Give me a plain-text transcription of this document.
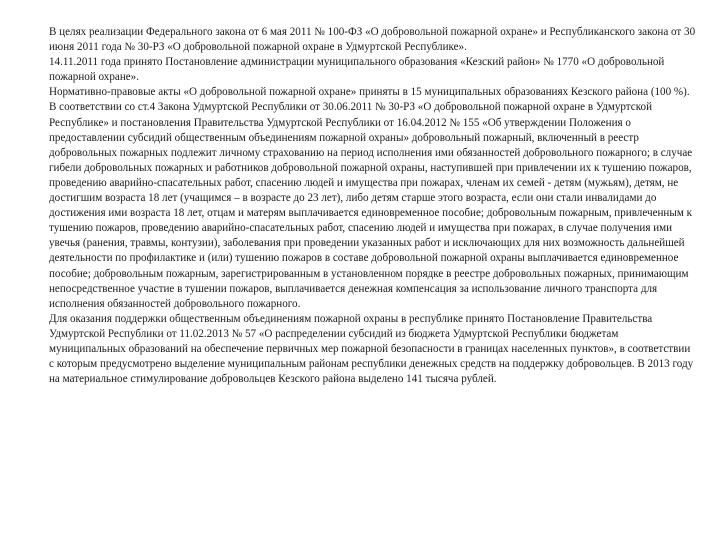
В целях реализации Федерального закона от 6 мая 2011 № 100-ФЗ «О добровольной пожарной охране» и Республиканского закона от 30 июня 2011 года № 30-РЗ «О добровольной пожарной охране в Удмуртской Республике».

14.11.2011 года принято Постановление администрации муниципального образования «Кезский район» № 1770 «О добровольной пожарной охране».

Нормативно-правовые акты «О добровольной пожарной охране» приняты в 15 муниципальных образованиях Кезского района (100 %).

В соответствии со ст.4 Закона Удмуртской Республики от 30.06.2011 № 30-РЗ «О добровольной пожарной охране в Удмуртской Республике» и постановления Правительства Удмуртской Республики от 16.04.2012 № 155 «Об утверждении Положения о предоставлении субсидий общественным объединениям пожарной охраны» добровольный пожарный, включенный в реестр добровольных пожарных подлежит личному страхованию на период исполнения ими обязанностей добровольного пожарного; в случае гибели добровольных пожарных и работников добровольной пожарной охраны, наступившей при привлечении их к тушению пожаров, проведению аварийно-спасательных работ, спасению людей и имущества при пожарах, членам их семей - детям (мужьям), детям, не достигшим возраста 18 лет (учащимся – в возрасте до 23 лет), либо детям старше этого возраста, если они стали инвалидами до достижения ими возраста 18 лет, отцам и матерям выплачивается единовременное пособие; добровольным пожарным, привлеченным к тушению пожаров, проведению аварийно-спасательных работ, спасению людей и имущества при пожарах, в случае получения ими увечья (ранения, травмы, контузии), заболевания при проведении указанных работ и исключающих для них возможность дальнейшей деятельности по профилактике и (или) тушению пожаров в составе добровольной пожарной охраны выплачивается единовременное пособие; добровольным пожарным, зарегистрированным в установленном порядке в реестре добровольных пожарных, принимающим непосредственное участие в тушении пожаров, выплачивается денежная компенсация за использование личного транспорта для исполнения обязанностей добровольного пожарного.

Для оказания поддержки общественным объединениям пожарной охраны в республике принято Постановление Правительства Удмуртской Республики от 11.02.2013 № 57 «О распределении субсидий из бюджета Удмуртской Республики бюджетам муниципальных образований на обеспечение первичных мер пожарной безопасности в границах населенных пунктов», в соответствии с которым предусмотрено выделение муниципальным районам республики денежных средств на поддержку добровольцев. В 2013 году на материальное стимулирование добровольцев Кезского района выделено 141 тысяча рублей.
